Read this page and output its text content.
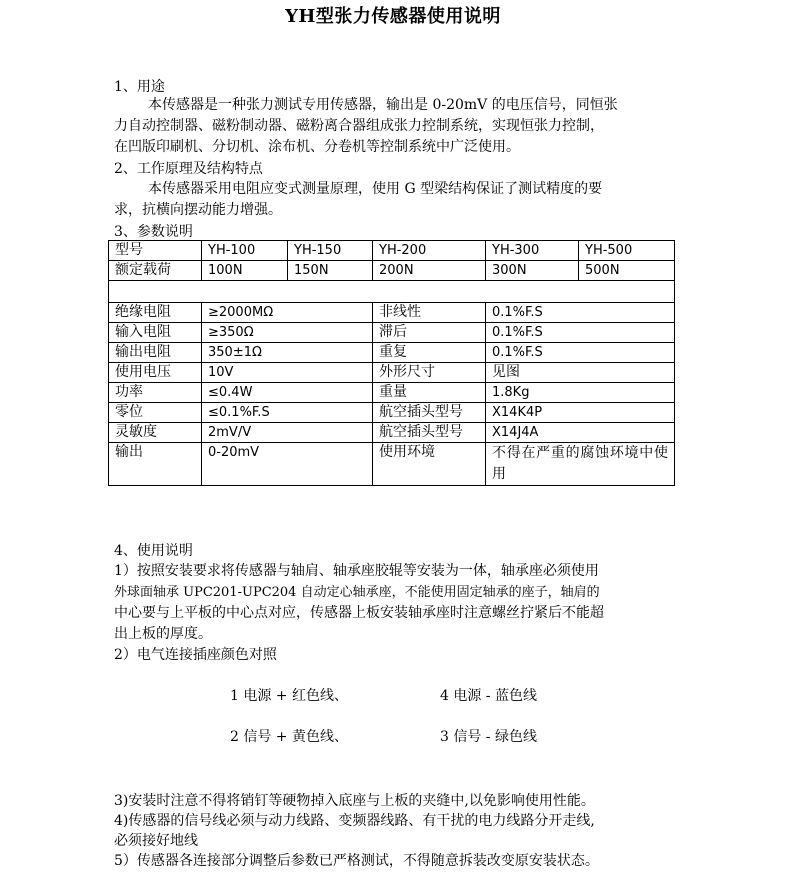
YH型张力传感器使用说明
1、用途
本传感器是一种张力测试专用传感器，输出是 0-20mV 的电压信号，同恒张
力自动控制器、磁粉制动器、磁粉离合器组成张力控制系统，实现恒张力控制，
在凹版印刷机、分切机、涂布机、分卷机等控制系统中广泛使用。
2、工作原理及结构特点
本传感器采用电阻应变式测量原理，使用 G 型梁结构保证了测试精度的要
求，抗横向摆动能力增强。
3、参数说明
型号	YH-100	YH-150	YH-200	YH-300	YH-500
额定载荷	100N	150N	200N	300N	500N

绝缘电阻	≥2000MΩ		非线性	0.1%F.S	
输入电阻	≥350Ω		滞后	0.1%F.S	
输出电阻	350±1Ω		重复	0.1%F.S	
使用电压	10V		外形尺寸	见图	
功率	≤0.4W		重量	1.8Kg	
零位	≤0.1%F.S		航空插头型号	X14K4P	
灵敏度	2mV/V		航空插头型号	X14J4A	
输出	0-20mV		使用环境	不得在严重的腐蚀环境中使用	
4、使用说明
1）按照安装要求将传感器与轴肩、轴承座胶辊等安装为一体，轴承座必须使用
外球面轴承 UPC201-UPC204 自动定心轴承座，不能使用固定轴承的座子，轴肩的
中心要与上平板的中心点对应，传感器上板安装轴承座时注意螺丝拧紧后不能超
出上板的厚度。
2）电气连接插座颜色对照
1 电源 + 红色线、	4 电源 - 蓝色线
2 信号 + 黄色线、	3 信号 - 绿色线
3)安装时注意不得将销钉等硬物掉入底座与上板的夹缝中,以免影响使用性能。
4)传感器的信号线必须与动力线路、变频器线路、有干扰的电力线路分开走线,
必须接好地线
5）传感器各连接部分调整后参数已严格测试，不得随意拆装改变原安装状态。
